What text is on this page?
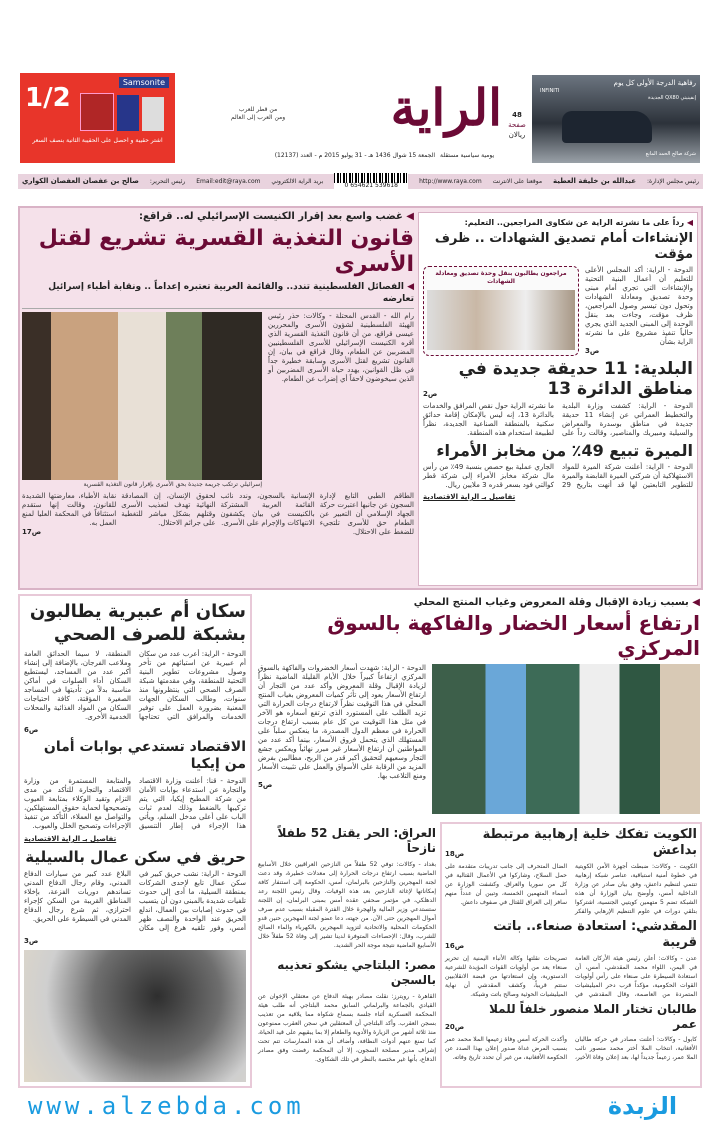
Samsonite
1/2
اشتر حقيبة و احصل على الحقيبة الثانية بنصف السعر
الراية
من قطر للعرب
ومن العرب إلى العالم
يومية سياسية مستقلة
الجمعة 15 شوال 1436 هـ - 31 يوليو 2015 م - العدد (12137)
48
صفحة
ريالان
رفاهية الدرجة الأولى كل يوم
INFINITI
إنفينيتي QX80 الجديدة
شركة صالح الحمد المانع
رئيس مجلس الإدارة:
عبدالله بن خليفة العطية
موقعنا على الانترنت
http://www.raya.com
0 654621 539618
بريد الراية الالكتروني
Email:edit@raya.com
رئيس التحرير:
صالح بن عفصان العفصان الكواري
◀ غضب واسع بعد إقرار الكنيست الإسرائيلي له.. قراقع:
قانون التغذية القسرية تشريع لقتل الأسرى
◀ الفصائل الفلسطينية تندد.. والقائمة العربية تعتبره إعداماً .. ونقابة أطباء إسرائيل تعارضه
رام الله - القدس المحتلة - وكالات: حذر رئيس الهيئة الفلسطينية لشؤون الأسرى والمحررين عيسى قراقع، من أن قانون التغذية القسرية الذي أقره الكنيست الإسرائيلي للأسرى الفلسطينيين المضربين عن الطعام، وقال قراقع في بيان، إن القانون تشريع لقتل الأسرى وسابقة خطيرة جداً في ظل القوانين، يهدد حياة الأسرى المضربين أو الذين سيخوضون لاحقاً أي إضراب عن الطعام.
إسرائيلي ترتكب جريمة جديدة بحق الأسرى بإقرار قانون التغذية القسرية
الطاقم الطبي التابع لإدارة السجون عن جانبها اعتبرت حركة الجهاد الإسلامي أن التعبير عن الطعام حق للأسرى تلتجيء للضغط على الاحتلال.
الإنسانية بالسجون، وندد نائب القائمة العربية المشتركة بالكنيست في بيان يكشفون الانتهاكات والإجرام على الأسرى.
لحقوق الإنسان، إن المصادقة النهائية تهدف لتعذيب الأسرى وقتلهم بشكل مباشر للتغطية على جرائم الاحتلال.
نقابة الأطباء، معارضتها الشديدة للقانون، وقالت إنها ستقدم استئنافاً في المحكمة العليا لمنع العمل به.
ص17
◀ رداً على ما نشرته الراية عن شكاوى المراجعين.. التعليم:
الإنشاءات أمام تصديق الشهادات .. ظرف مؤقت
الدوحة - الراية: أكد المجلس الأعلى للتعليم أن أعمال البنية التحتية والإنشاءات التي تجري أمام مبنى وحدة تصديق ومعادلة الشهادات وتحول دون تيسير وصول المراجعين، ظرف مؤقت، وجاءت بعد بنقل الوحدة إلى المبنى الجديد الذي يجري حالياً تنفيذ مشروع على ما نشرته الراية بشأن
ص3
مراجعون يطالبون بنقل وحدة تصديق ومعادلة الشهادات
البلدية: 11 حديقة جديدة في مناطق الدائرة 13
ص2
الدوحة - الراية: كشفت وزارة البلدية والتخطيط العمراني عن إنشاء 11 حديقة جديدة في مناطق بوسدرة والمعراض والسيلية ومبيريك والمناصير، وقالت رداً على ما نشرته الراية حول نقص المرافق والخدمات بالدائرة 13، إنه ليس بالإمكان إقامة حدائق سكنية بالمنطقة الصناعية الجديدة، نظراً لطبيعة استخدام هذه المنطقة.
الميرة تبيع 49٪ من مخابز الأمراء
الدوحة - الراية: أعلنت شركة الميرة للمواد الاستهلاكية أن شركتي الميرة القابضة والميرة للتطوير التابعتين لها قد أنهت بتاريخ 29 الجاري عملية بيع حصص بنسبة 49٪ من رأس مال شركة مخابز الأمراء إلى شركة قطر كوالتي فود بسعر قدره 3 ملايين ريال.
تفاصيل بـ الراية الاقتصادية
سكان أم عبيرية يطالبون بشبكة للصرف الصحي
الدوحة - الراية: أعرب عدد من سكان أم عبيرية عن استيائهم من تأخر وصول مشروعات تطوير البنية التحتية للمنطقة، وفي مقدمتها شبكة الصرف الصحي التي ينتظرونها منذ سنوات، وطالب السكان الجهات المعنية بضرورة العمل على توفير الخدمات والمرافق التي تحتاجها المنطقة، لا سيما الحدائق العامة وملاعب الفرجان، بالإضافة إلى إنشاء أكبر عدد من المساجد، ليستطيع السكان أداء الصلوات في أماكن مناسبة بدلاً من تأديتها في المساجد الصغيرة المؤقتة، كافة احتياجات السكان من المواد الغذائية والمحلات الخدمية الأخرى.
ص6
الاقتصاد تستدعي بوابات أمان من إيكيا
الدوحة - قنا: أعلنت وزارة الاقتصاد والتجارة عن استدعاء بوابات الأمان من شركة المطبخ إيكيا، التي يتم تركيبها بالضغط وذلك لعدم ثبات الباب على أعلى مدخل السلم، ويأتي هذا الإجراء في إطار التنسيق والمتابعة المستمرة من وزارة الاقتصاد والتجارة للتأكد من مدى التزام وتقيد الوكلاء بمتابعة العيوب وتصحيحها لحماية حقوق المستهلكين، والتواصل مع العملاء، التأكد من تنفيذ الإجراءات وتصحيح الخلل والعيوب.
تفاصيل بـ الراية الاقتصادية
حريق في سكن عمال بالسيلية
الدوحة - الراية: نشب حريق كبير في سكن عمال تابع لإحدى الشركات بمنطقة السيلية، ما أدى إلى حدوث تلفيات شديدة بالمبنى دون أن يتسبب في حدوث إصابات بين العمال، اندلع الحريق عند الواحدة والنصف ظهر أمس، وفور تلقيه هرع إلى مكان البلاغ عدد كبير من سيارات الدفاع المدني، وقام رجال الدفاع المدني تساندهم دوريات الفزعة، بإخلاء المناطق القريبة من السكن كإجراء احترازي، ثم شرع رجال الدفاع المدني في السيطرة على الحريق.
ص3
◀ بسبب زيادة الإقبال وقلة المعروض وغياب المنتج المحلي
ارتفاع أسعار الخضار والفاكهة بالسوق المركزي
الدوحة - الراية: شهدت أسعار الخضروات والفاكهة بالسوق المركزي ارتفاعاً كبيراً خلال الأيام القليلة الماضية نظراً لزيادة الإقبال وقلة المعروض وأكد عدد من التجار أن ارتفاع الأسعار يعود إلى تأثر كميات المعروض بغياب المنتج المحلي في هذا التوقيت نظراً لارتفاع درجات الحرارة التي تزيد الطلب على المستورد الذي ترتفع أسعاره هو الآخر في مثل هذا التوقيت من كل عام بسبب ارتفاع درجات الحرارة في معظم الدول المصدرة، ما ينعكس سلباً على المستهلك الذي يتحمل فروق الأسعار، بينما أكد عدد من المواطنين أن ارتفاع الأسعار غير مبرر نهائياً ويعكس جشع التجار وسعيهم لتحقيق أكبر قدر من الربح، مطالبين بفرض المزيد من الرقابة على الأسواق والعمل على تثبيت الأسعار ومنع التلاعب بها.
ص5
العراق: الحر يقتل 52 طفلاً نازحاً
بغداد - وكالات: توفي 52 طفلاً من النازحين العراقيين خلال الأسابيع الماضية بسبب ارتفاع درجات الحرارة إلى معدلات خطيرة، وقد دعت لجنة المهجرين والنازحين بالبرلمان، أمس، الحكومة إلى استنفار كافة إمكاناتها لإغاثة النازحين بعد هذه الوفيات. وقال رئيس اللجنة رعد الدهلكي، في مؤتمر صحفي عقده أمس بمبنى البرلمان، إن اللجنة ستستدعي وزير المالية والهجرة خلال الفترة المقبلة بسبب عدم صرف أموال المهجرين حتى الآن. من جهته، دعا عضو لجنة المهجرين حنين قدو الحكومات المحلية والاتحادية لتزويد المهجرين بالكهرباء والماء الصالح للشرب، وقال: الإحصاءات المتوفرة لدينا تشير إلى وفاة 52 طفلاً خلال الأسابيع الماضية نتيجة موجة الحر الشديد.
مصر: البلتاجي يشكو تعذيبه بالسجن
القاهرة - رويترز: نقلت مصادر بهيئة الدفاع عن معتقلي الإخوان عن القيادي بالجماعة والبرلماني السابق محمد البلتاجي أنه طلب هيئة المحكمة العسكرية أثناء جلسة بسماع شكواه مما يلاقيه من تعذيب بسجن العقرب. وأكد البلتاجي أن المعتقلين في سجن العقرب ممنوعون منذ ثلاثة أشهر من الزيارة والأدوية والطعام إلا بما يبقيهم على قيد الحياة، كما تمنع عنهم أدوات النظافة، وأضاف أن هذه الممارسات تتم تحت إشراف مدير مصلحة السجون، إلا أن المحكمة رفضت وفق مصادر الدفاع، بأنها غير مختصة بالنظر في تلك الشكاوى.
الكويت تفكك خلية إرهابية مرتبطة بداعش
ص18
الكويت - وكالات: ضبطت أجهزة الأمن الكويتية في خطوة أمنية استباقية، عناصر شبكة إرهابية تنتمي لتنظيم داعش، وفق بيان صادر عن وزارة الداخلية أمس، وأوضح بيان الوزارة أن هذه الشبكة تضم 5 متهمين كويتيي الجنسية، اشتركوا بتلقي دورات في علوم التنظيم الإرهابي والفكر الضال المتحرف إلى جانب تدريبات متقدمة على حمل السلاح، وشاركوا في الأعمال القتالية في كل من سوريا والعراق. وكشفت الوزارة عن أسماء المتهمين الخمسة، وتبين أن عدداً منهم سافر إلى العراق للقتال في صفوف داعش.
المقدشي: استعادة صنعاء.. باتت قريبة
ص16
عدن - وكالات: أعلن رئيس هيئة الأركان العامة في اليمن، اللواء محمد المقدشي، أمس، أن استعادة السيطرة على صنعاء على رأس أولويات القوات الحكومية، مؤكداً قرب دحر الميليشيات المتمردة من العاصمة، وقال المقدشي في تصريحات نقلتها وكالة الأنباء اليمنية إن تحرير صنعاء يعد من أولويات القوات المؤيدة للشرعية الدستورية، وإن استعادتها من قبضة الانقلابيين ستتم قريباً، وكشف المقدشي أن نهاية الميليشيات الحوثية وصالح باتت وشيكة.
طالبان تختار الملا منصور خلفاً للملا عمر
ص20
كابول - وكالات: أعلنت مصادر في حركة طالبان الأفغانية، انتخاب الملا أختر محمد منصور نائب الملا عمر، زعيماً جديداً لها، بعد إعلان وفاة الأخير، وأكدت الحركة أمس وفاة زعيمها الملا محمد عمر بسبب المرض غداة صدور إعلان بهذا الصدد عن الحكومة الأفغانية، من غير أن تحدد تاريخ وفاته.
www.alzebda.com	الزبدة
